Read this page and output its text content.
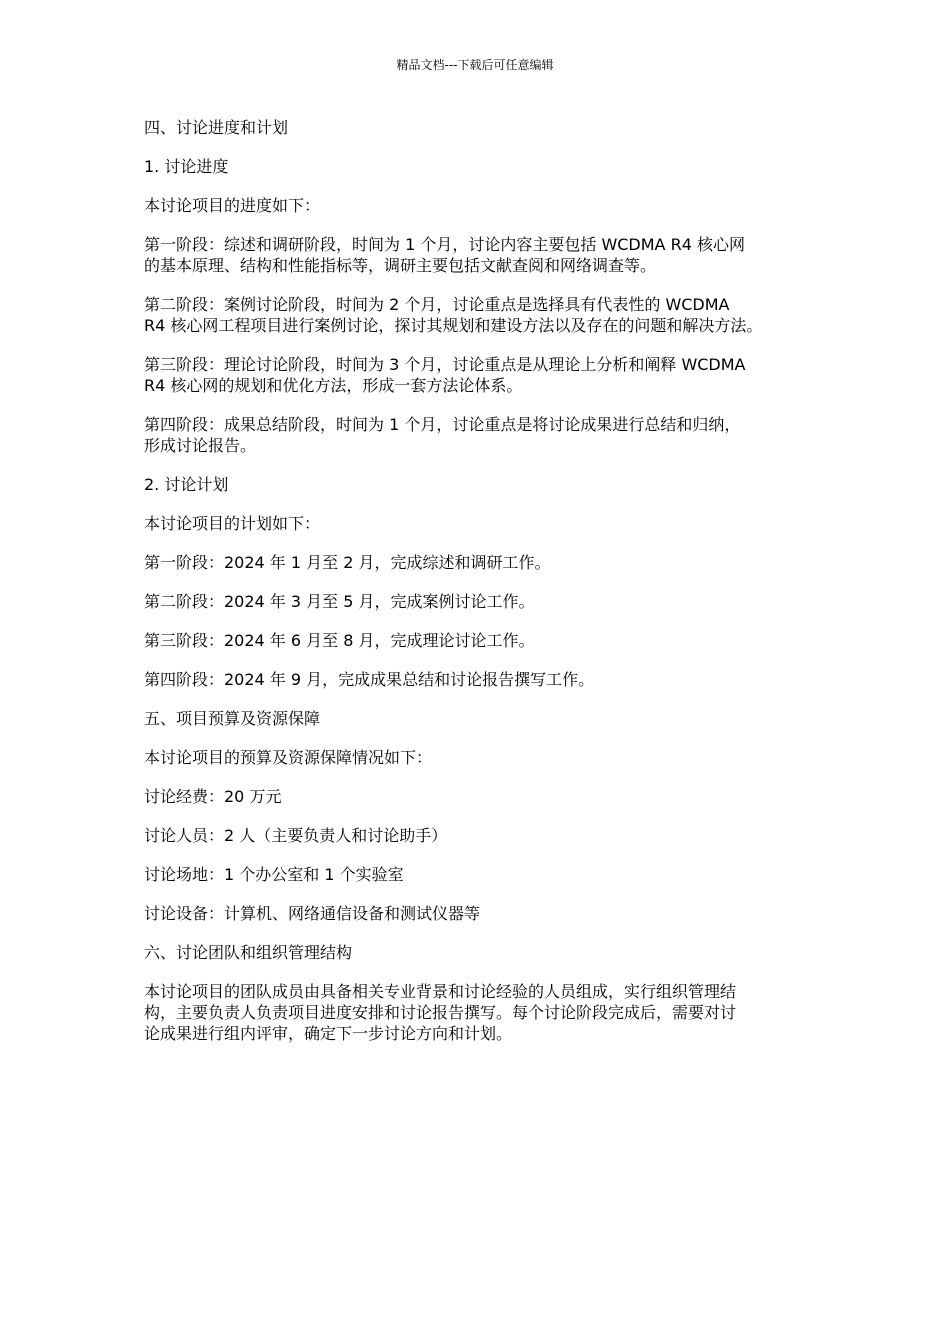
精品文档---下载后可任意编辑

四、讨论进度和计划

1. 讨论进度

本讨论项目的进度如下：

第一阶段：综述和调研阶段，时间为 1 个月，讨论内容主要包括 WCDMA R4 核心网
的基本原理、结构和性能指标等，调研主要包括文献查阅和网络调查等。

第二阶段：案例讨论阶段，时间为 2 个月，讨论重点是选择具有代表性的 WCDMA
R4 核心网工程项目进行案例讨论，探讨其规划和建设方法以及存在的问题和解决方法。

第三阶段：理论讨论阶段，时间为 3 个月，讨论重点是从理论上分析和阐释 WCDMA
R4 核心网的规划和优化方法，形成一套方法论体系。

第四阶段：成果总结阶段，时间为 1 个月，讨论重点是将讨论成果进行总结和归纳，
形成讨论报告。

2. 讨论计划

本讨论项目的计划如下：

第一阶段：2024 年 1 月至 2 月，完成综述和调研工作。

第二阶段：2024 年 3 月至 5 月，完成案例讨论工作。

第三阶段：2024 年 6 月至 8 月，完成理论讨论工作。

第四阶段：2024 年 9 月，完成成果总结和讨论报告撰写工作。

五、项目预算及资源保障

本讨论项目的预算及资源保障情况如下：

讨论经费：20 万元

讨论人员：2 人（主要负责人和讨论助手）

讨论场地：1 个办公室和 1 个实验室

讨论设备：计算机、网络通信设备和测试仪器等

六、讨论团队和组织管理结构

本讨论项目的团队成员由具备相关专业背景和讨论经验的人员组成，实行组织管理结
构，主要负责人负责项目进度安排和讨论报告撰写。每个讨论阶段完成后，需要对讨
论成果进行组内评审，确定下一步讨论方向和计划。
